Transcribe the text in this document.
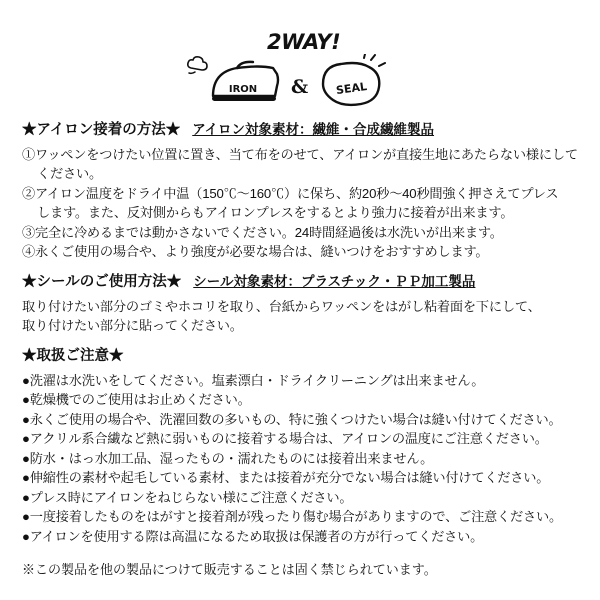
2WAY!
IRON & SEAL
★アイロン接着の方法★ アイロン対象素材：繊維・合成繊維製品

①ワッペンをつけたい位置に置き、当て布をのせて、アイロンが直接生地にあたらない様にして

ください。

②アイロン温度をドライ中温（150℃〜160℃）に保ち、約20秒〜40秒間強く押さえてプレス

します。また、反対側からもアイロンプレスをするとより強力に接着が出来ます。

③完全に冷めるまでは動かさないでください。24時間経過後は水洗いが出来ます。

④永くご使用の場合や、より強度が必要な場合は、縫いつけをおすすめします。

★シールのご使用方法★ シール対象素材：プラスチック・ＰＰ加工製品

取り付けたい部分のゴミやホコリを取り、台紙からワッペンをはがし粘着面を下にして、

取り付けたい部分に貼ってください。

★取扱ご注意★

●洗濯は水洗いをしてください。塩素漂白・ドライクリーニングは出来ません。

●乾燥機でのご使用はお止めください。

●永くご使用の場合や、洗濯回数の多いもの、特に強くつけたい場合は縫い付けてください。

●アクリル系合繊など熱に弱いものに接着する場合は、アイロンの温度にご注意ください。

●防水・はっ水加工品、湿ったもの・濡れたものには接着出来ません。

●伸縮性の素材や起毛している素材、または接着が充分でない場合は縫い付けてください。

●プレス時にアイロンをねじらない様にご注意ください。

●一度接着したものをはがすと接着剤が残ったり傷む場合がありますので、ご注意ください。

●アイロンを使用する際は高温になるため取扱は保護者の方が行ってください。

※この製品を他の製品につけて販売することは固く禁じられています。
